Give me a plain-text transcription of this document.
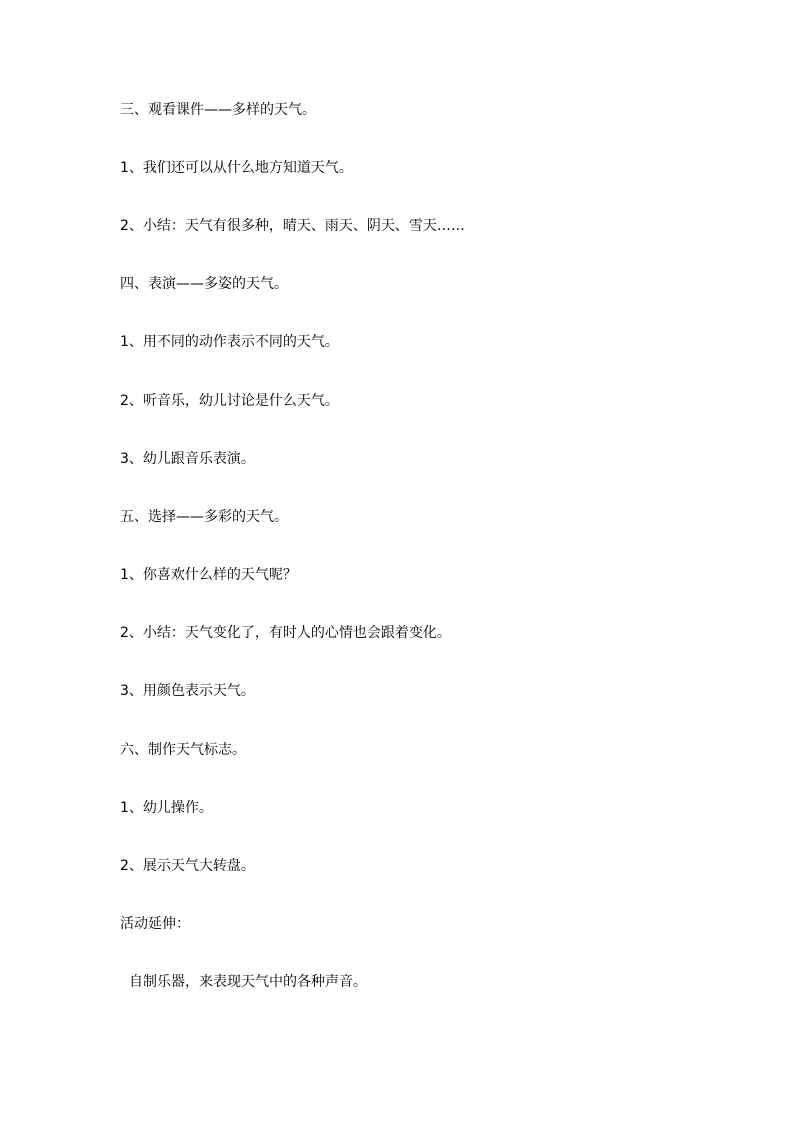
三、观看课件——多样的天气。
1、我们还可以从什么地方知道天气。
2、小结：天气有很多种，晴天、雨天、阴天、雪天……
四、表演——多姿的天气。
1、用不同的动作表示不同的天气。
2、听音乐，幼儿讨论是什么天气。
3、幼儿跟音乐表演。
五、选择——多彩的天气。
1、你喜欢什么样的天气呢？
2、小结：天气变化了，有时人的心情也会跟着变化。
3、用颜色表示天气。
六、制作天气标志。
1、幼儿操作。
2、展示天气大转盘。
活动延伸：
自制乐器，来表现天气中的各种声音。
